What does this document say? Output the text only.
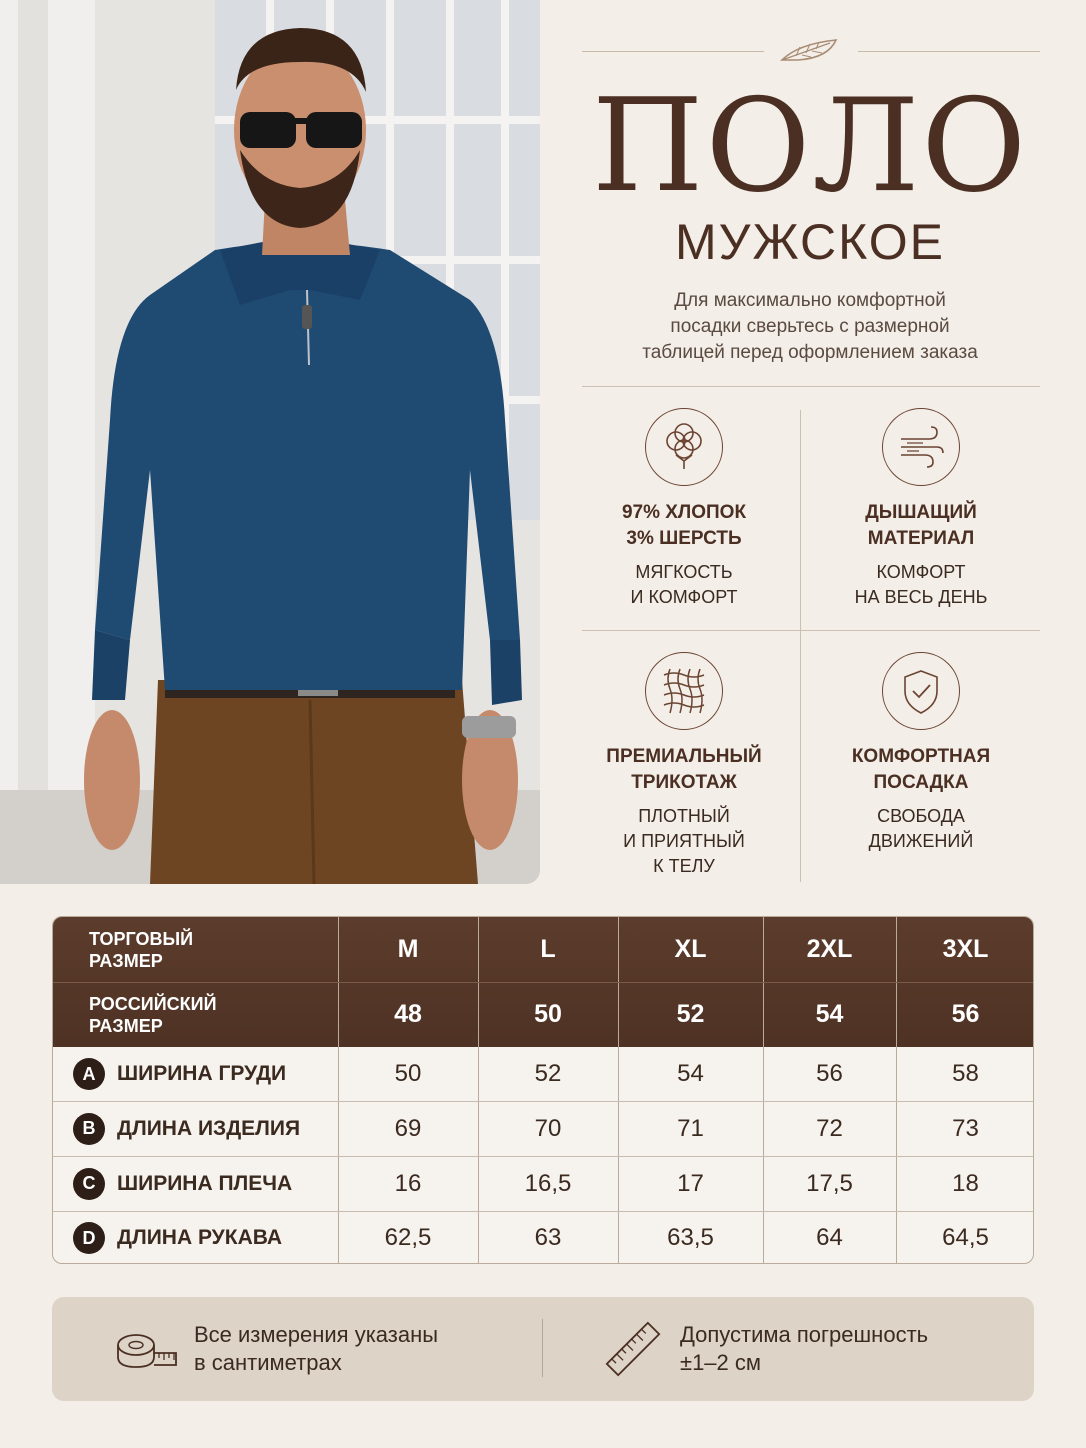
ПОЛО
МУЖСКОЕ
Для максимально комфортной
посадки сверьтесь с размерной
таблицей перед оформлением заказа
97% ХЛОПОК
3% ШЕРСТЬ
МЯГКОСТЬ
И КОМФОРТ
ДЫШАЩИЙ
МАТЕРИАЛ
КОМФОРТ
НА ВЕСЬ ДЕНЬ
ПРЕМИАЛЬНЫЙ
ТРИКОТАЖ
ПЛОТНЫЙ
И ПРИЯТНЫЙ
К ТЕЛУ
КОМФОРТНАЯ
ПОСАДКА
СВОБОДА
ДВИЖЕНИЙ
ТОРГОВЫЙ
РАЗМЕР	M	L	XL	2XL	3XL
РОССИЙСКИЙ
РАЗМЕР	48	50	52	54	56
A	ШИРИНА ГРУДИ	50	52	54	56	58
B	ДЛИНА ИЗДЕЛИЯ	69	70	71	72	73
C	ШИРИНА ПЛЕЧА	16	16,5	17	17,5	18
D	ДЛИНА РУКАВА	62,5	63	63,5	64	64,5
Все измерения указаны
в сантиметрах
Допустима погрешность
±1–2 см
